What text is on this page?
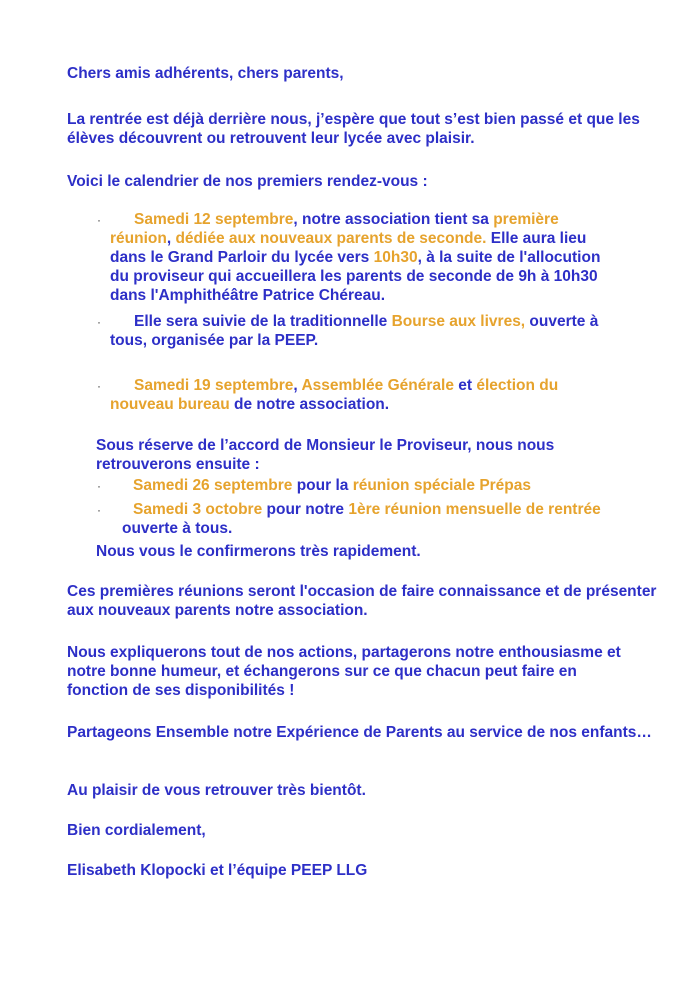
Chers amis adhérents, chers parents,

La rentrée est déjà derrière nous, j’espère que tout s’est bien passé et que les élèves découvrent ou retrouvent leur lycée avec plaisir.

Voici le calendrier de nos premiers rendez-vous :

·	Samedi 12 septembre, notre association tient sa première réunion, dédiée aux nouveaux parents de seconde. Elle aura lieu dans le Grand Parloir du lycée vers 10h30, à la suite de l'allocution du proviseur qui accueillera les parents de seconde de 9h à 10h30 dans l'Amphithéâtre Patrice Chéreau.

·	Elle sera suivie de la traditionnelle Bourse aux livres, ouverte à tous, organisée par la PEEP.

·	Samedi 19 septembre, Assemblée Générale et élection du nouveau bureau de notre association.

Sous réserve de l’accord de Monsieur le Proviseur, nous nous retrouverons ensuite :

· Samedi 26 septembre pour la réunion spéciale Prépas

·	Samedi 3 octobre pour notre 1ère réunion mensuelle de rentrée ouverte à tous.

Nous vous le confirmerons très rapidement.

Ces premières réunions seront l'occasion de faire connaissance et de présenter aux nouveaux parents notre association.

Nous expliquerons tout de nos actions, partagerons notre enthousiasme et notre bonne humeur, et échangerons sur ce que chacun peut faire en fonction de ses disponibilités !

Partageons Ensemble notre Expérience de Parents au service de nos enfants…

Au plaisir de vous retrouver très bientôt.

Bien cordialement,

Elisabeth Klopocki et l’équipe PEEP LLG
